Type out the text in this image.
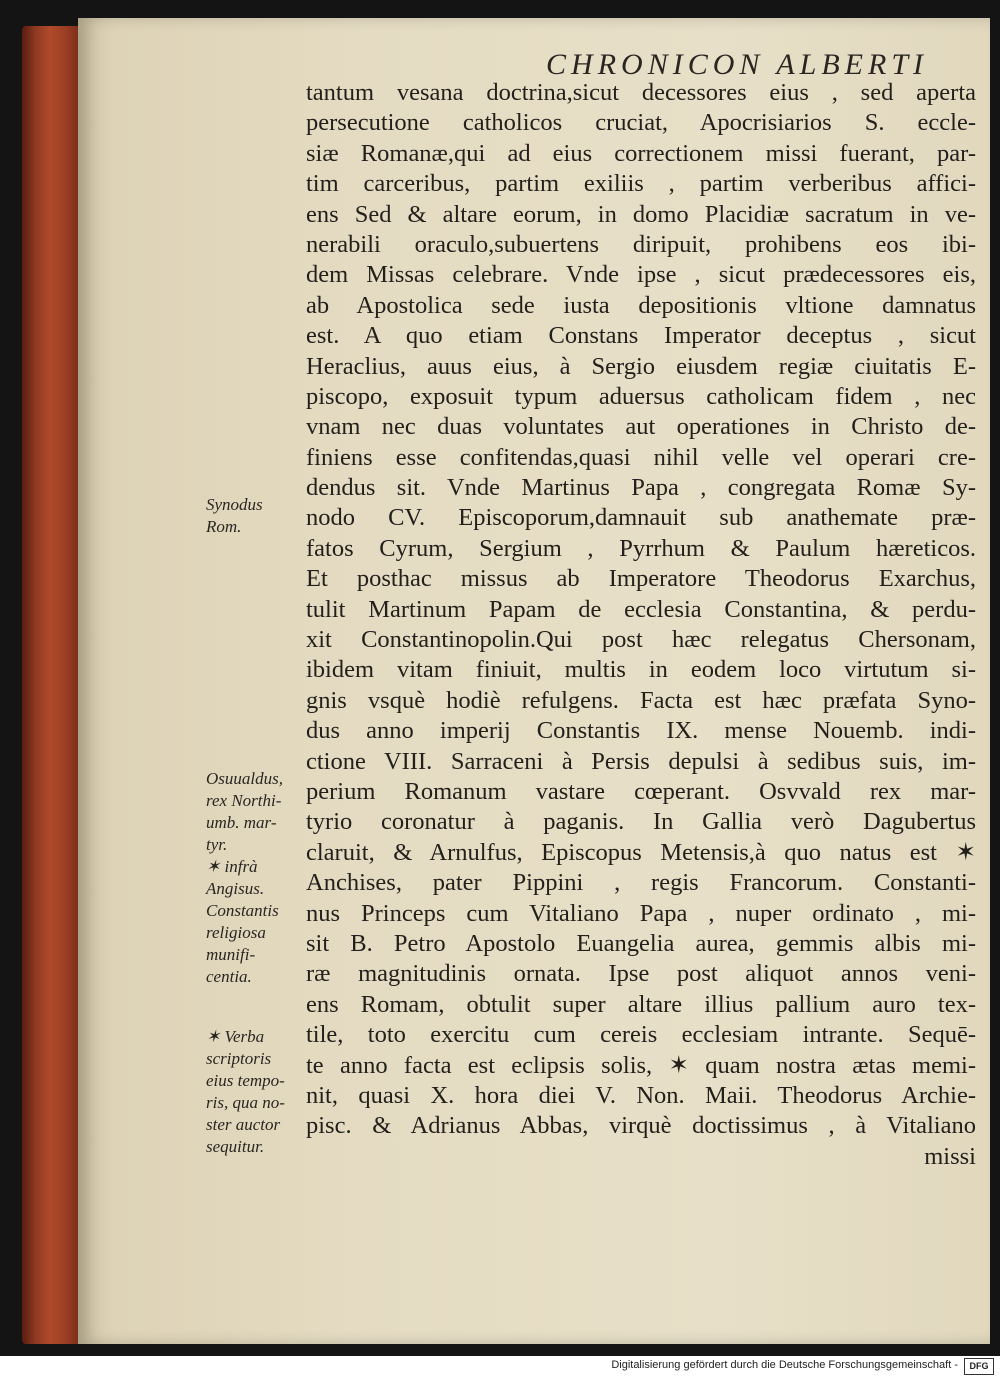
CHRONICON ALBERTI
Synodus
Rom.
Osuualdus,
rex Northi-
umb. mar-
tyr.
✶ infrà
Angisus.
Constantis
religiosa
munifi-
centia.
✶ Verba
scriptoris
eius tempo-
ris, qua no-
ster auctor
sequitur.
tantum vesana doctrina,sicut decessores eius , sed aperta
persecutione catholicos cruciat, Apocrisiarios S. eccle-
siæ Romanæ,qui ad eius correctionem missi fuerant, par-
tim carceribus, partim exiliis , partim verberibus affici-
ens Sed & altare eorum, in domo Placidiæ sacratum in ve-
nerabili oraculo,subuertens diripuit, prohibens eos ibi-
dem Missas celebrare. Vnde ipse , sicut prædecessores eis,
ab Apostolica sede iusta depositionis vltione damnatus
est. A quo etiam Constans Imperator deceptus , sicut
Heraclius, auus eius, à Sergio eiusdem regiæ ciuitatis E-
piscopo, exposuit typum aduersus catholicam fidem , nec
vnam nec duas voluntates aut operationes in Christo de-
finiens esse confitendas,quasi nihil velle vel operari cre-
dendus sit. Vnde Martinus Papa , congregata Romæ Sy-
nodo CV. Episcoporum,damnauit sub anathemate præ-
fatos Cyrum, Sergium , Pyrrhum & Paulum hæreticos.
Et posthac missus ab Imperatore Theodorus Exarchus,
tulit Martinum Papam de ecclesia Constantina, & perdu-
xit Constantinopolin.Qui post hæc relegatus Chersonam,
ibidem vitam finiuit, multis in eodem loco virtutum si-
gnis vsquè hodiè refulgens. Facta est hæc præfata Syno-
dus anno imperij Constantis IX. mense Nouemb. indi-
ctione VIII. Sarraceni à Persis depulsi à sedibus suis, im-
perium Romanum vastare cœperant. Osvvald rex mar-
tyrio coronatur à paganis. In Gallia verò Dagubertus
claruit, & Arnulfus, Episcopus Metensis,à quo natus est ✶
Anchises, pater Pippini , regis Francorum. Constanti-
nus Princeps cum Vitaliano Papa , nuper ordinato , mi-
sit B. Petro Apostolo Euangelia aurea, gemmis albis mi-
ræ magnitudinis ornata. Ipse post aliquot annos veni-
ens Romam, obtulit super altare illius pallium auro tex-
tile, toto exercitu cum cereis ecclesiam intrante. Sequē-
te anno facta est eclipsis solis, ✶ quam nostra ætas memi-
nit, quasi X. hora diei V. Non. Maii. Theodorus Archie-
pisc. & Adrianus Abbas, virquè doctissimus , à Vitaliano
missi
Digitalisierung gefördert durch die Deutsche Forschungsgemeinschaft -	DFG
